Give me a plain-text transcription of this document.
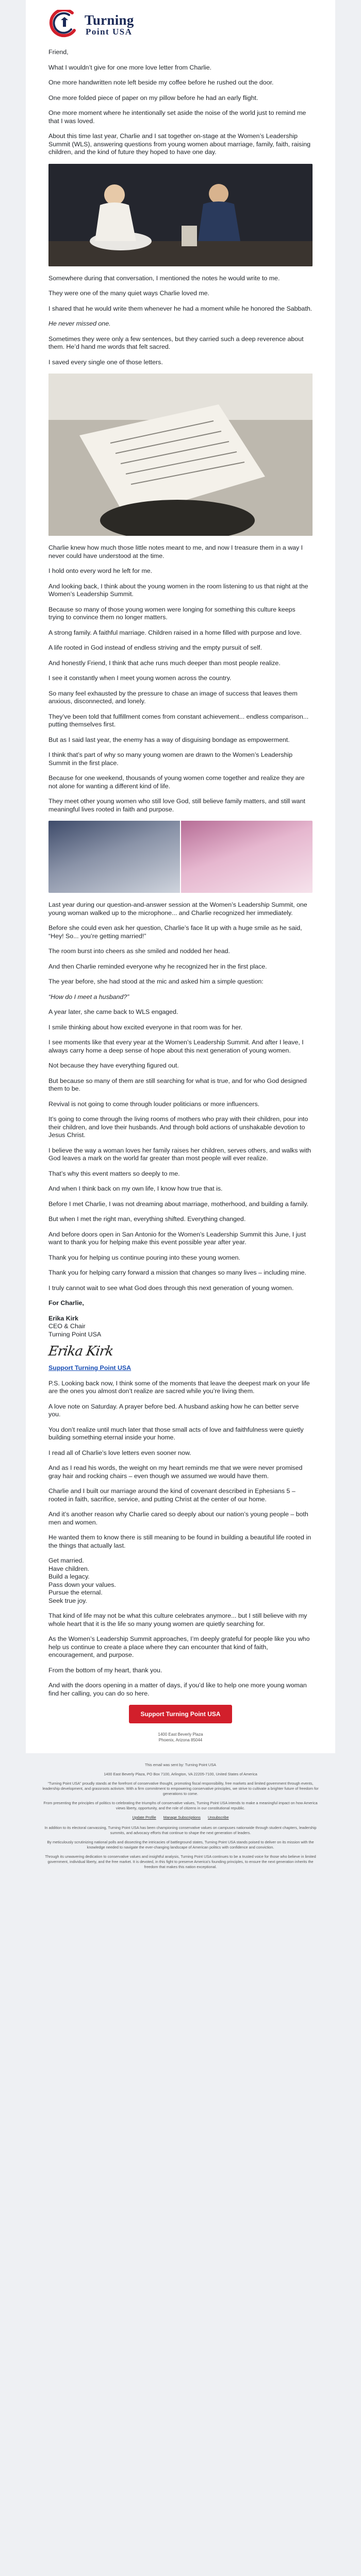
Turning
Point USA

Friend,

What I wouldn’t give for one more love letter from Charlie.

One more handwritten note left beside my coffee before he rushed out the door.

One more folded piece of paper on my pillow before he had an early flight.

One more moment where he intentionally set aside the noise of the world just to remind me that I was loved.

About this time last year, Charlie and I sat together on-stage at the Women’s Leadership Summit (WLS), answering questions from young women about marriage, family, faith, raising children, and the kind of future they hoped to have one day.

Somewhere during that conversation, I mentioned the notes he would write to me.

They were one of the many quiet ways Charlie loved me.

I shared that he would write them whenever he had a moment while he honored the Sabbath.

He never missed one.

Sometimes they were only a few sentences, but they carried such a deep reverence about them. He’d hand me words that felt sacred.

I saved every single one of those letters.

Charlie knew how much those little notes meant to me, and now I treasure them in a way I never could have understood at the time.

I hold onto every word he left for me.

And looking back, I think about the young women in the room listening to us that night at the Women’s Leadership Summit.

Because so many of those young women were longing for something this culture keeps trying to convince them no longer matters.

A strong family. A faithful marriage. Children raised in a home filled with purpose and love.

A life rooted in God instead of endless striving and the empty pursuit of self.

And honestly Friend, I think that ache runs much deeper than most people realize.

I see it constantly when I meet young women across the country.

So many feel exhausted by the pressure to chase an image of success that leaves them anxious, disconnected, and lonely.

They’ve been told that fulfillment comes from constant achievement... endless comparison... putting themselves first.

But as I said last year, the enemy has a way of disguising bondage as empowerment.

I think that’s part of why so many young women are drawn to the Women’s Leadership Summit in the first place.

Because for one weekend, thousands of young women come together and realize they are not alone for wanting a different kind of life.

They meet other young women who still love God, still believe family matters, and still want meaningful lives rooted in faith and purpose.

Last year during our question-and-answer session at the Women’s Leadership Summit, one young woman walked up to the microphone... and Charlie recognized her immediately.

Before she could even ask her question, Charlie’s face lit up with a huge smile as he said, “Hey! So... you’re getting married!”

The room burst into cheers as she smiled and nodded her head.

And then Charlie reminded everyone why he recognized her in the first place.

The year before, she had stood at the mic and asked him a simple question:

“How do I meet a husband?”

A year later, she came back to WLS engaged.

I smile thinking about how excited everyone in that room was for her.

I see moments like that every year at the Women’s Leadership Summit. And after I leave, I always carry home a deep sense of hope about this next generation of young women.

Not because they have everything figured out.

But because so many of them are still searching for what is true, and for who God designed them to be.

Revival is not going to come through louder politicians or more influencers.

It’s going to come through the living rooms of mothers who pray with their children, pour into their children, and love their husbands. And through bold actions of unshakable devotion to Jesus Christ.

I believe the way a woman loves her family raises her children, serves others, and walks with God leaves a mark on the world far greater than most people will ever realize.

That’s why this event matters so deeply to me.

And when I think back on my own life, I know how true that is.

Before I met Charlie, I was not dreaming about marriage, motherhood, and building a family.

But when I met the right man, everything shifted. Everything changed.

And before doors open in San Antonio for the Women’s Leadership Summit this June, I just want to thank you for helping make this event possible year after year.

Thank you for helping us continue pouring into these young women.

Thank you for helping carry forward a mission that changes so many lives – including mine.

I truly cannot wait to see what God does through this next generation of young women.

For Charlie,

Erika Kirk

CEO & Chair

Turning Point USA

Erika Kirk

Support Turning Point USA

P.S. Looking back now, I think some of the moments that leave the deepest mark on your life are the ones you almost don’t realize are sacred while you’re living them.

A love note on Saturday. A prayer before bed. A husband asking how he can better serve you.

You don’t realize until much later that those small acts of love and faithfulness were quietly building something eternal inside your home.

I read all of Charlie’s love letters even sooner now.

And as I read his words, the weight on my heart reminds me that we were never promised gray hair and rocking chairs – even though we assumed we would have them.

Charlie and I built our marriage around the kind of covenant described in Ephesians 5 – rooted in faith, sacrifice, service, and putting Christ at the center of our home.

And it’s another reason why Charlie cared so deeply about our nation’s young people – both men and women.

He wanted them to know there is still meaning to be found in building a beautiful life rooted in the things that actually last.

Get married.
Have children.
Build a legacy.
Pass down your values.
Pursue the eternal.
Seek true joy.

That kind of life may not be what this culture celebrates anymore... but I still believe with my whole heart that it is the life so many young women are quietly searching for.

As the Women’s Leadership Summit approaches, I’m deeply grateful for people like you who help us continue to create a place where they can encounter that kind of faith, encouragement, and purpose.

From the bottom of my heart, thank you.

And with the doors opening in a matter of days, if you’d like to help one more young woman find her calling, you can do so here.

Support Turning Point USA
1400 East Beverly Plaza
Phoenix, Arizona 85044

This email was sent by: Turning Point USA

1400 East Beverly Plaza, PO Box 7100, Arlington, VA 22205-7100, United States of America

“Turning Point USA” proudly stands at the forefront of conservative thought, promoting fiscal responsibility, free markets and limited government through events, leadership development, and grassroots activism. With a firm commitment to empowering conservative principles, we strive to cultivate a brighter future of freedom for generations to come.

From presenting the principles of politics to celebrating the triumphs of conservative values, Turning Point USA intends to make a meaningful impact on how America views liberty, opportunity, and the role of citizens in our constitutional republic.

Update Profile Manage Subscriptions Unsubscribe

In addition to its electoral canvassing, Turning Point USA has been championing conservative values on campuses nationwide through student chapters, leadership summits, and advocacy efforts that continue to shape the next generation of leaders.

By meticulously scrutinizing national polls and dissecting the intricacies of battleground states, Turning Point USA stands poised to deliver on its mission with the knowledge needed to navigate the ever-changing landscape of American politics with confidence and conviction.

Through its unwavering dedication to conservative values and insightful analysis, Turning Point USA continues to be a trusted voice for those who believe in limited government, individual liberty, and the free market. It is devoted, in this fight to preserve America’s founding principles, to ensure the next generation inherits the freedom that makes this nation exceptional.
